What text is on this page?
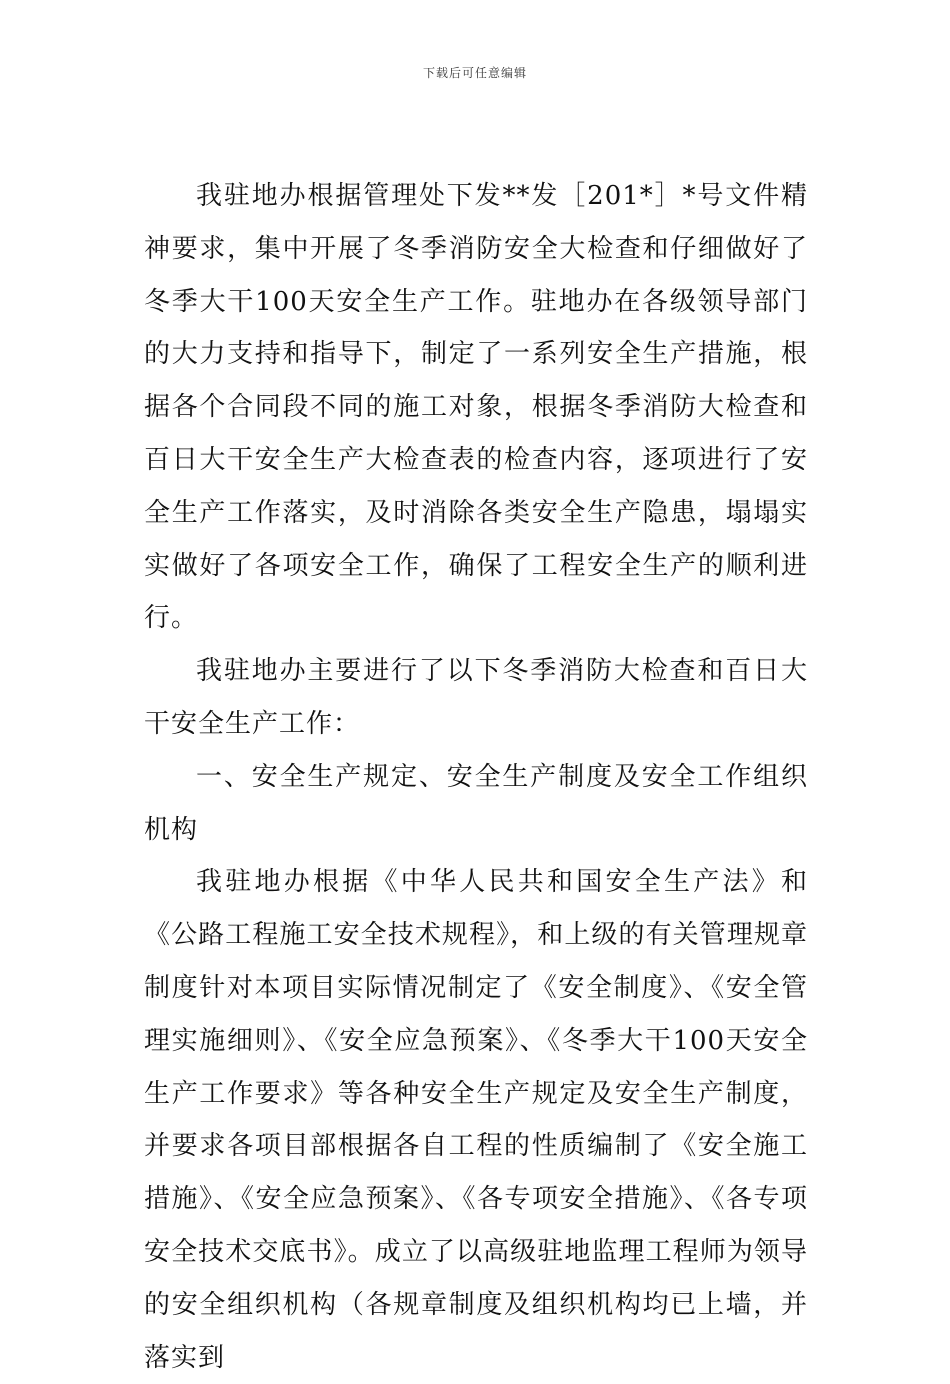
下载后可任意编辑

我驻地办根据管理处下发**发［201*］*号文件精神要求，集中开展了冬季消防安全大检查和仔细做好了冬季大干100天安全生产工作。驻地办在各级领导部门的大力支持和指导下，制定了一系列安全生产措施，根据各个合同段不同的施工对象，根据冬季消防大检查和百日大干安全生产大检查表的检查内容，逐项进行了安全生产工作落实，及时消除各类安全生产隐患，塌塌实实做好了各项安全工作，确保了工程安全生产的顺利进行。

我驻地办主要进行了以下冬季消防大检查和百日大干安全生产工作：

一、安全生产规定、安全生产制度及安全工作组织机构

我驻地办根据《中华人民共和国安全生产法》和《公路工程施工安全技术规程》，和上级的有关管理规章制度针对本项目实际情况制定了《安全制度》、《安全管理实施细则》、《安全应急预案》、《冬季大干100天安全生产工作要求》等各种安全生产规定及安全生产制度，并要求各项目部根据各自工程的性质编制了《安全施工措施》、《安全应急预案》、《各专项安全措施》、《各专项安全技术交底书》。成立了以高级驻地监理工程师为领导的安全组织机构（各规章制度及组织机构均已上墙，并落实到
